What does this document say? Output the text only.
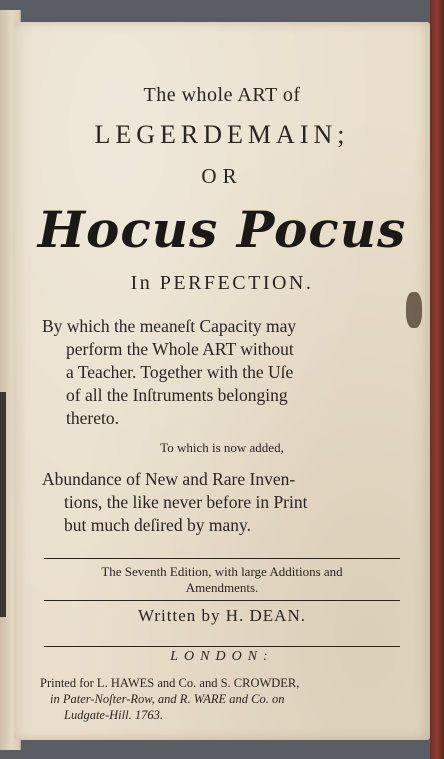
The whole ART of
LEGERDEMAIN;
OR
Hocus Pocus
In PERFECTION.
By which the meaneſt Capacity may
perform the Whole ART without
a Teacher. Together with the Uſe
of all the Inſtruments belonging
thereto.
To which is now added,
Abundance of New and Rare Inven-
tions, the like never before in Print
but much deſired by many.
The Seventh Edition, with large Additions and
Amendments.
Written by H. DEAN.
LONDON:
Printed for L. HAWES and Co. and S. CROWDER,
in Pater-Noſter-Row, and R. WARE and Co. on
Ludgate-Hill. 1763.
